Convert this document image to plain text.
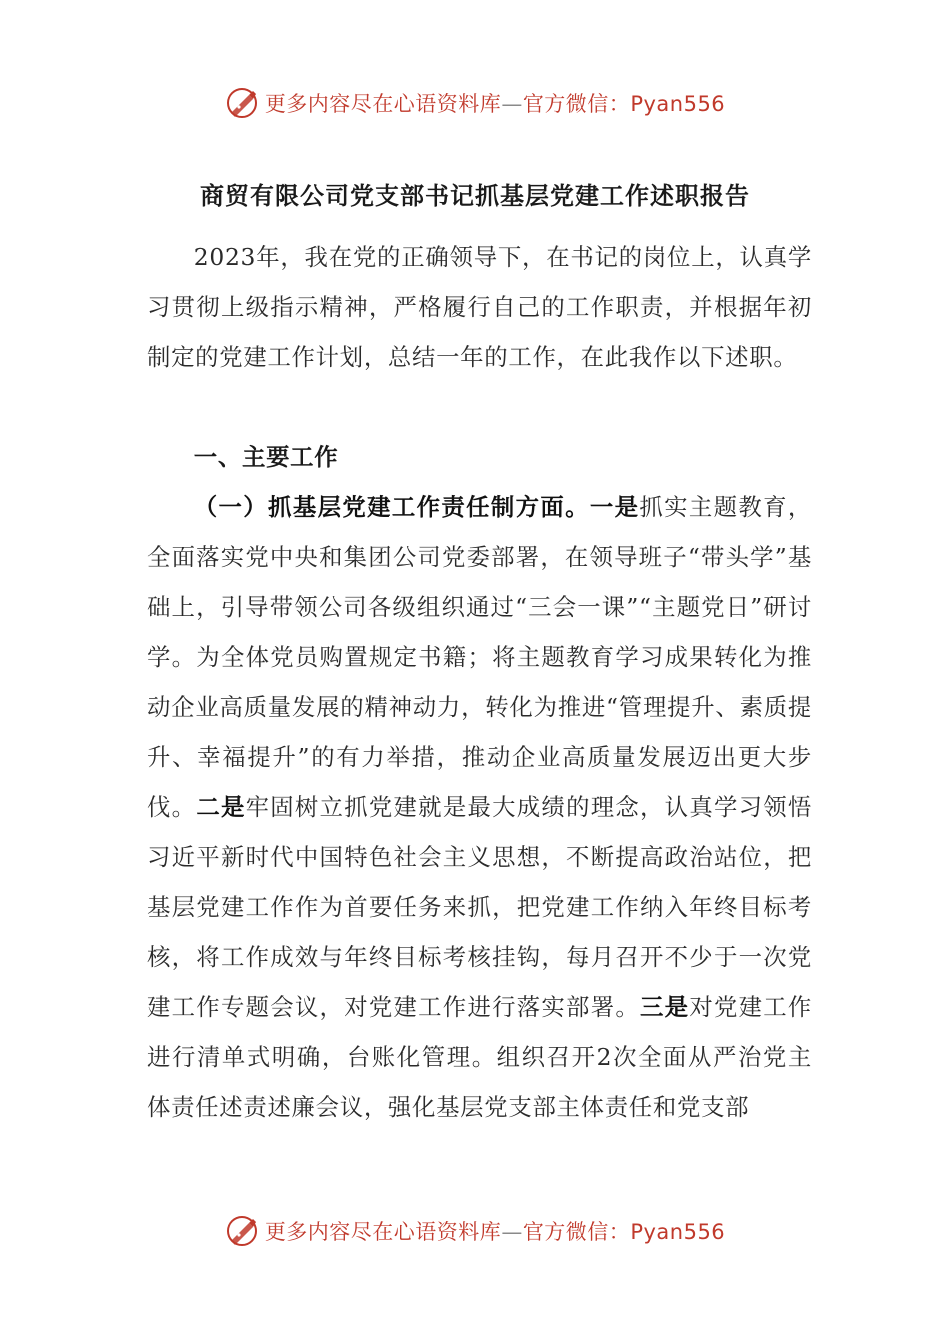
更多内容尽在心语资料库—官方微信：Pyan556
商贸有限公司党支部书记抓基层党建工作述职报告

2023年，我在党的正确领导下，在书记的岗位上，认真学习贯彻上级指示精神，严格履行自己的工作职责，并根据年初制定的党建工作计划，总结一年的工作，在此我作以下述职。

一、主要工作

（一）抓基层党建工作责任制方面。一是抓实主题教育，全面落实党中央和集团公司党委部署，在领导班子“带头学”基础上，引导带领公司各级组织通过“三会一课”“主题党日”研讨学。为全体党员购置规定书籍；将主题教育学习成果转化为推动企业高质量发展的精神动力，转化为推进“管理提升、素质提升、幸福提升”的有力举措，推动企业高质量发展迈出更大步伐。二是牢固树立抓党建就是最大成绩的理念，认真学习领悟习近平新时代中国特色社会主义思想，不断提高政治站位，把基层党建工作作为首要任务来抓，把党建工作纳入年终目标考核，将工作成效与年终目标考核挂钩，每月召开不少于一次党建工作专题会议，对党建工作进行落实部署。三是对党建工作进行清单式明确，台账化管理。组织召开2次全面从严治党主体责任述责述廉会议，强化基层党支部主体责任和党支部

更多内容尽在心语资料库—官方微信：Pyan556
